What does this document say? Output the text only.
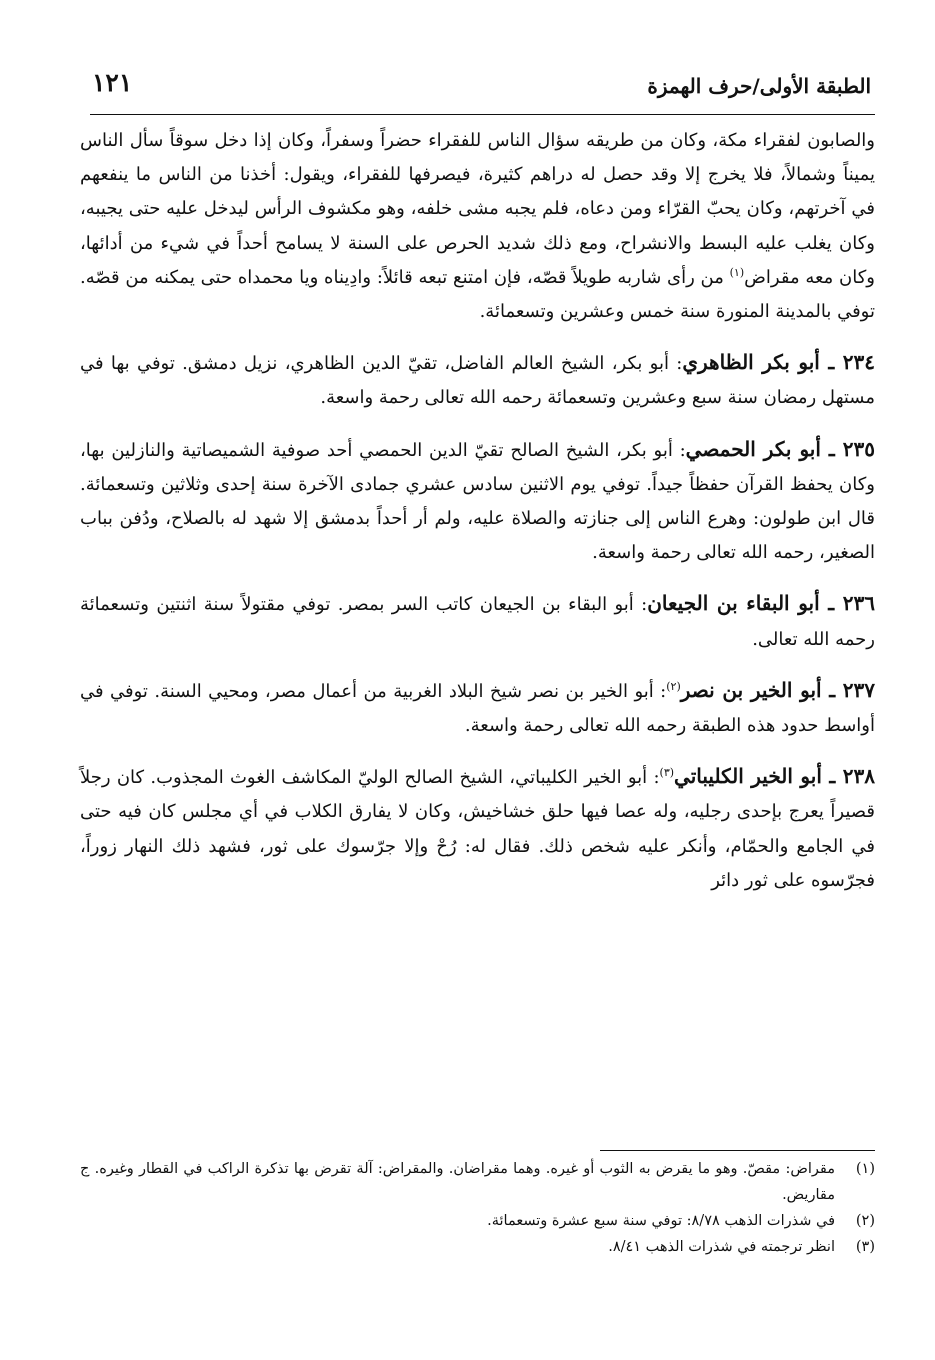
١٢١	الطبقة الأولى/حرف الهمزة

والصابون لفقراء مكة، وكان من طريقه سؤال الناس للفقراء حضراً وسفراً، وكان إذا دخل سوقاً سأل الناس يميناً وشمالاً، فلا يخرج إلا وقد حصل له دراهم كثيرة، فيصرفها للفقراء، ويقول: أخذنا من الناس ما ينفعهم في آخرتهم، وكان يحبّ القرّاء ومن دعاه، فلم يجبه مشى خلفه، وهو مكشوف الرأس ليدخل عليه حتى يجيبه، وكان يغلب عليه البسط والانشراح، ومع ذلك شديد الحرص على السنة لا يسامح أحداً في شيء من أدائها، وكان معه مقراض$^{(١)}$ من رأى شاربه طويلاً قصّه، فإن امتنع تبعه قائلاً: وادِيناه ويا محمداه حتى يمكنه من قصّه. توفي بالمدينة المنورة سنة خمس وعشرين وتسعمائة.

٢٣٤ ـ أبو بكر الظاهري: أبو بكر، الشيخ العالم الفاضل، تقيّ الدين الظاهري، نزيل دمشق. توفي بها في مستهل رمضان سنة سبع وعشرين وتسعمائة رحمه الله تعالى رحمة واسعة.

٢٣٥ ـ أبو بكر الحمصي: أبو بكر، الشيخ الصالح تقيّ الدين الحمصي أحد صوفية الشميصاتية والنازلين بها، وكان يحفظ القرآن حفظاً جيداً. توفي يوم الاثنين سادس عشري جمادى الآخرة سنة إحدى وثلاثين وتسعمائة. قال ابن طولون: وهرع الناس إلى جنازته والصلاة عليه، ولم أر أحداً بدمشق إلا شهد له بالصلاح، ودُفن بباب الصغير، رحمه الله تعالى رحمة واسعة.

٢٣٦ ـ أبو البقاء بن الجيعان: أبو البقاء بن الجيعان كاتب السر بمصر. توفي مقتولاً سنة اثنتين وتسعمائة رحمه الله تعالى.

٢٣٧ ـ أبو الخير بن نصر$^{(٢)}$: أبو الخير بن نصر شيخ البلاد الغربية من أعمال مصر، ومحيي السنة. توفي في أواسط حدود هذه الطبقة رحمه الله تعالى رحمة واسعة.

٢٣٨ ـ أبو الخير الكليباتي$^{(٣)}$: أبو الخير الكليباتي، الشيخ الصالح الوليّ المكاشف الغوث المجذوب. كان رجلاً قصيراً يعرج بإحدى رجليه، وله عصا فيها حلق خشاخيش، وكان لا يفارق الكلاب في أي مجلس كان فيه حتى في الجامع والحمّام، وأنكر عليه شخص ذلك. فقال له: رُحْ وإلا جرّسوك على ثور، فشهد ذلك النهار زوراً، فجرّسوه على ثور دائر

(١)
مقراض: مقصّ. وهو ما يقرض به الثوب أو غيره. وهما مقراضان. والمقراض: آلة تقرض بها تذكرة الراكب في القطار وغيره. ج مقاريض.
(٢)
في شذرات الذهب ٨/٧٨: توفي سنة سبع عشرة وتسعمائة.
(٣)
انظر ترجمته في شذرات الذهب ٨/٤١.
